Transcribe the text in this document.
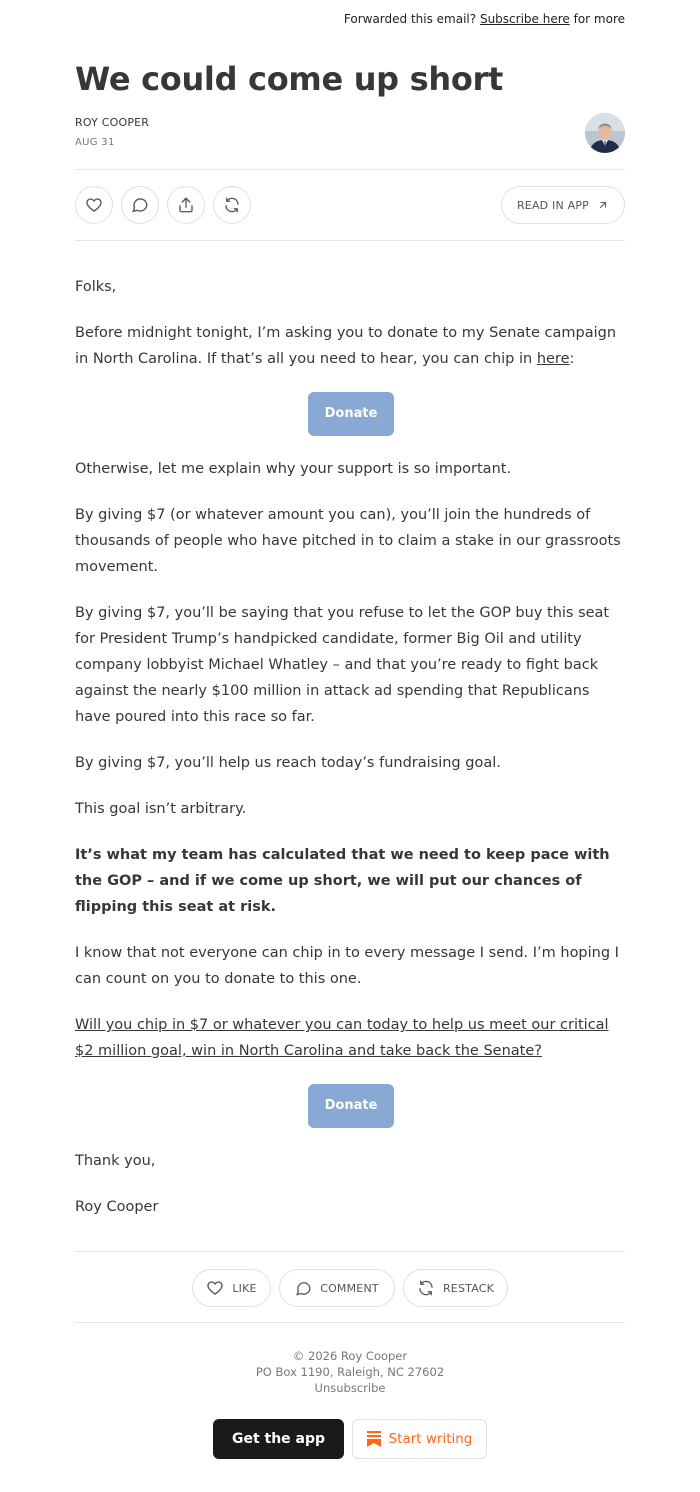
Forwarded this email? Subscribe here for more
We could come up short
ROY COOPER
AUG 31
READ IN APP

Folks,

Before midnight tonight, I’m asking you to donate to my Senate campaign in North Carolina. If that’s all you need to hear, you can chip in here:

Donate

Otherwise, let me explain why your support is so important.

By giving $7 (or whatever amount you can), you’ll join the hundreds of thousands of people who have pitched in to claim a stake in our grassroots movement.

By giving $7, you’ll be saying that you refuse to let the GOP buy this seat for President Trump’s handpicked candidate, former Big Oil and utility company lobbyist Michael Whatley – and that you’re ready to fight back against the nearly $100 million in attack ad spending that Republicans have poured into this race so far.

By giving $7, you’ll help us reach today’s fundraising goal.

This goal isn’t arbitrary.

It’s what my team has calculated that we need to keep pace with the GOP – and if we come up short, we will put our chances of flipping this seat at risk.

I know that not everyone can chip in to every message I send. I’m hoping I can count on you to donate to this one.

Will you chip in $7 or whatever you can today to help us meet our critical $2 million goal, win in North Carolina and take back the Senate?

Donate

Thank you,

Roy Cooper

LIKE	COMMENT	RESTACK
© 2026 Roy Cooper
PO Box 1190, Raleigh, NC 27602
Unsubscribe
Get the app	Start writing
